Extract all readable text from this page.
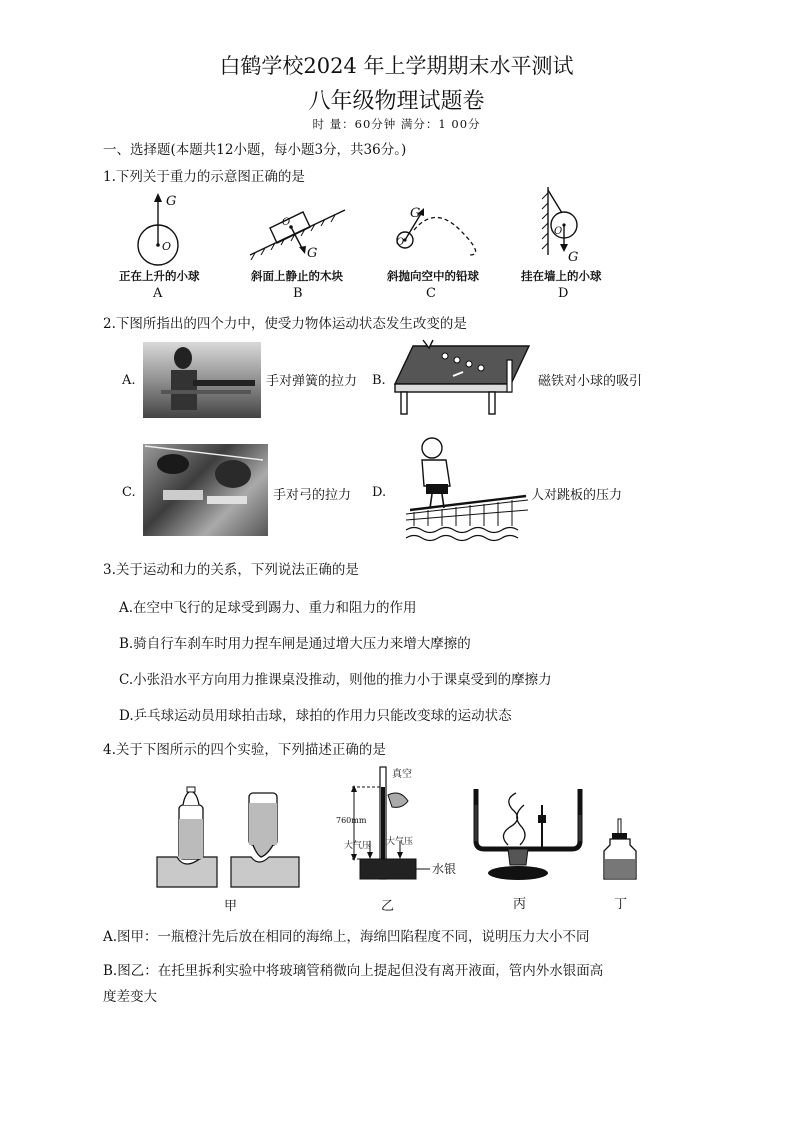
白鹤学校2024 年上学期期末水平测试
八年级物理试题卷
时 量：60分钟 满分：1 00分
一、选择题(本题共12小题，每小题3分，共36分。)
1.下列关于重力的示意图正确的是
G
O	G
O
G
O
G
O
正在上升的小球
A
斜面上静止的木块
B
斜抛向空中的铅球
C
挂在墙上的小球
D
2.下图所指出的四个力中，使受力物体运动状态发生改变的是
A.	手对弹簧的拉力 B.	磁铁对小球的吸引
C.	手对弓的拉力 D.	人对跳板的压力
3.关于运动和力的关系，下列说法正确的是
A.在空中飞行的足球受到踢力、重力和阻力的作用
B.骑自行车刹车时用力捏车闸是通过增大压力来增大摩擦的
C.小张沿水平方向用力推课桌没推动，则他的推力小于课桌受到的摩擦力
D.乒乓球运动员用球拍击球，球拍的作用力只能改变球的运动状态
4.关于下图所示的四个实验，下列描述正确的是
真空
760mm
大气压 大气压
水银
甲	乙	丙	丁
A.图甲：一瓶橙汁先后放在相同的海绵上，海绵凹陷程度不同，说明压力大小不同
B.图乙：在托里拆利实验中将玻璃管稍微向上提起但没有离开液面，管内外水银面高
度差变大
